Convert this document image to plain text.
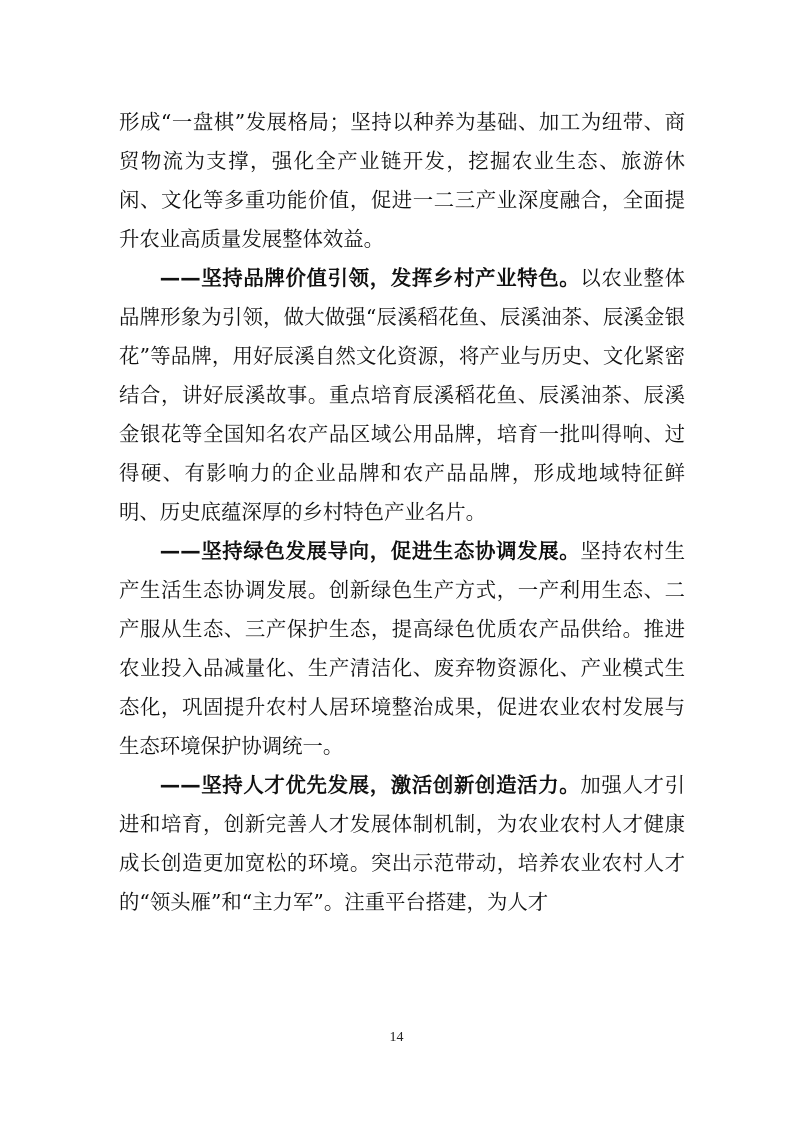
形成“一盘棋”发展格局；坚持以种养为基础、加工为纽带、商贸物流为支撑，强化全产业链开发，挖掘农业生态、旅游休闲、文化等多重功能价值，促进一二三产业深度融合，全面提升农业高质量发展整体效益。

——坚持品牌价值引领，发挥乡村产业特色。以农业整体品牌形象为引领，做大做强“辰溪稻花鱼、辰溪油茶、辰溪金银花”等品牌，用好辰溪自然文化资源，将产业与历史、文化紧密结合，讲好辰溪故事。重点培育辰溪稻花鱼、辰溪油茶、辰溪金银花等全国知名农产品区域公用品牌，培育一批叫得响、过得硬、有影响力的企业品牌和农产品品牌，形成地域特征鲜明、历史底蕴深厚的乡村特色产业名片。

——坚持绿色发展导向，促进生态协调发展。坚持农村生产生活生态协调发展。创新绿色生产方式，一产利用生态、二产服从生态、三产保护生态，提高绿色优质农产品供给。推进农业投入品减量化、生产清洁化、废弃物资源化、产业模式生态化，巩固提升农村人居环境整治成果，促进农业农村发展与生态环境保护协调统一。

——坚持人才优先发展，激活创新创造活力。加强人才引进和培育，创新完善人才发展体制机制，为农业农村人才健康成长创造更加宽松的环境。突出示范带动，培养农业农村人才的“领头雁”和“主力军”。注重平台搭建，为人才

14
